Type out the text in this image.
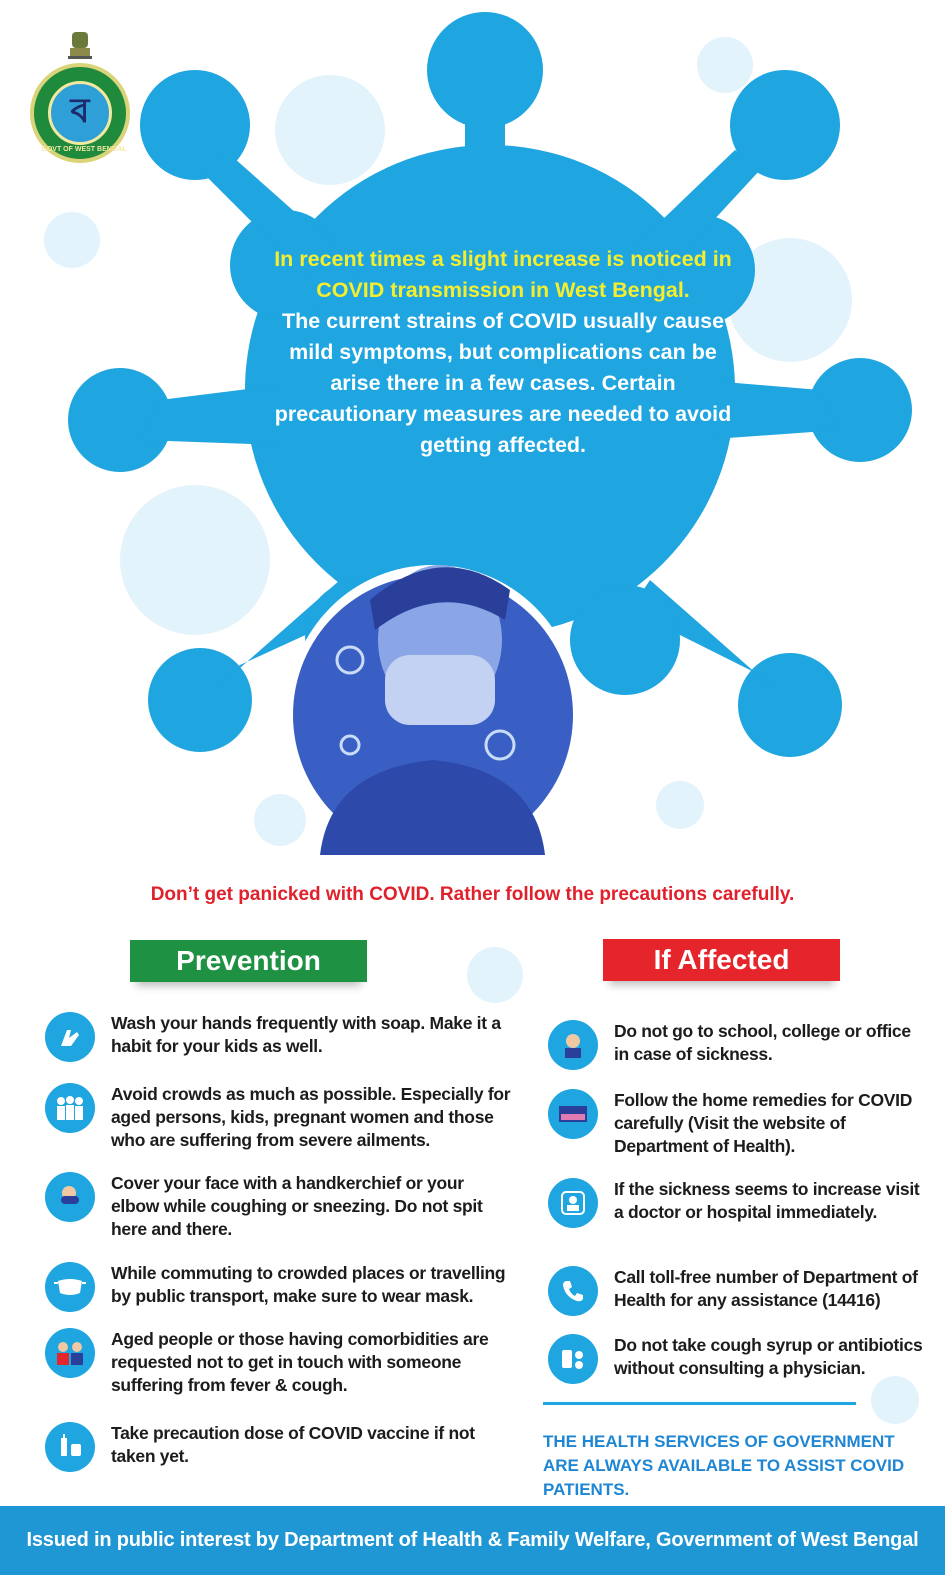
ব
GOVT OF WEST BENGAL
In recent times a slight increase is noticed in COVID transmission in West Bengal.
The current strains of COVID usually cause mild symptoms, but complications can be arise there in a few cases. Certain precautionary measures are needed to avoid getting affected.
Don’t get panicked with COVID. Rather follow the precautions carefully.
Prevention
Wash your hands frequently with soap. Make it a habit for your kids as well.
Avoid crowds as much as possible. Especially for aged persons, kids, pregnant women and those who are suffering from severe ailments.
Cover your face with a handkerchief or your elbow while coughing or sneezing. Do not spit here and there.
While commuting to crowded places or travelling by public transport, make sure to wear mask.
Aged people or those having comorbidities are requested not to get in touch with someone suffering from fever & cough.
Take precaution dose of COVID vaccine if not taken yet.
If Affected
Do not go to school, college or office in case of sickness.
Follow the home remedies for COVID carefully (Visit the website of Department of Health).
If the sickness seems to increase visit a doctor or hospital immediately.
Call toll-free number of Department of Health for any assistance (14416)
Do not take cough syrup or antibiotics without consulting a physician.
THE HEALTH SERVICES OF GOVERNMENT ARE ALWAYS AVAILABLE TO ASSIST COVID PATIENTS.
Issued in public interest by Department of Health & Family Welfare, Government of West Bengal
